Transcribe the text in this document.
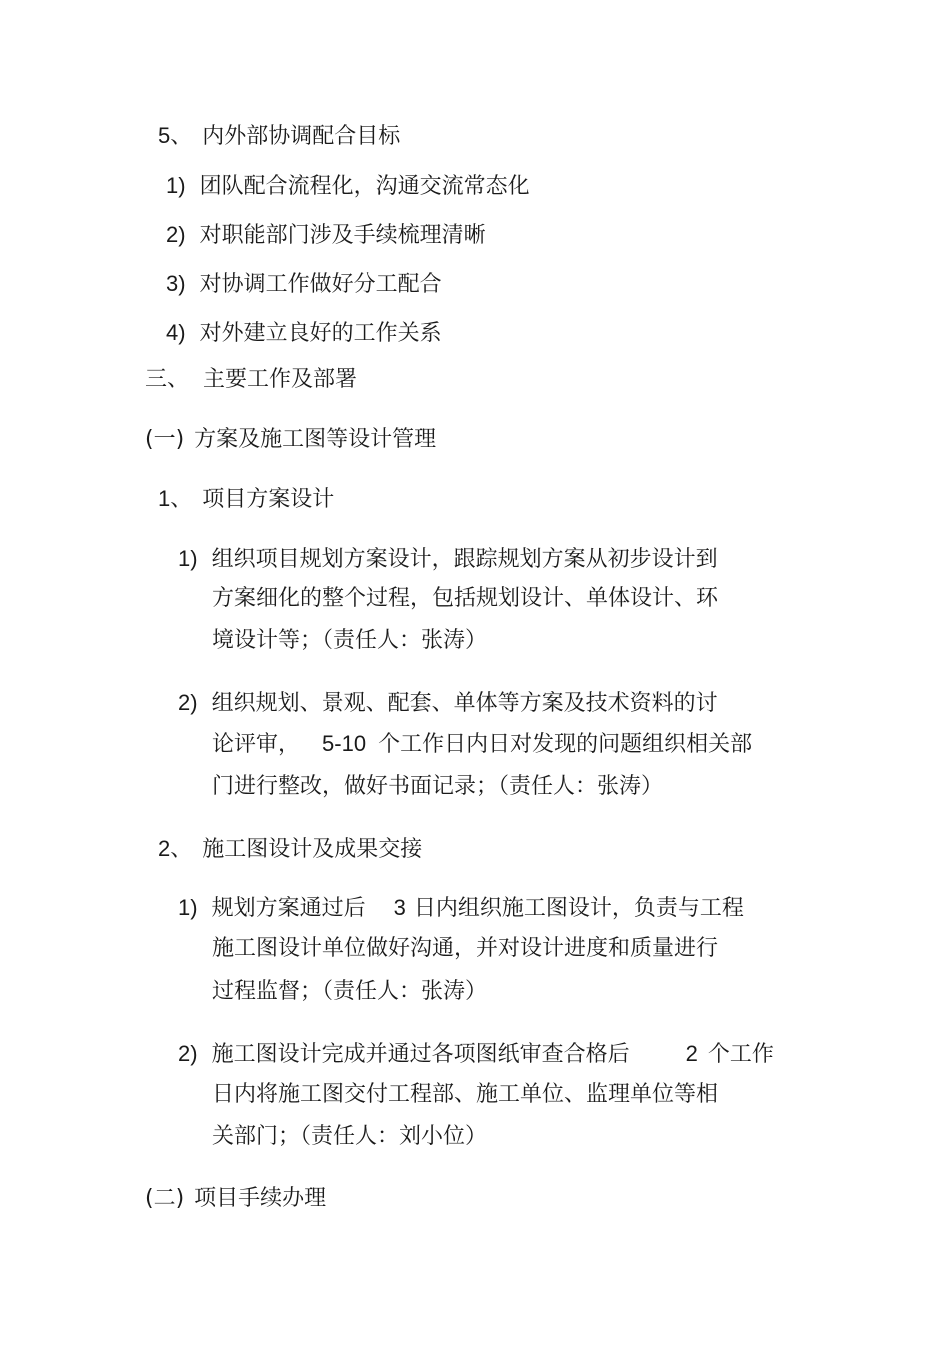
5、 内外部协调配合目标
1) 团队配合流程化，沟通交流常态化
2) 对职能部门涉及手续梳理清晰
3) 对协调工作做好分工配合
4) 对外建立良好的工作关系
三、 主要工作及部署
(一) 方案及施工图等设计管理
1、 项目方案设计
1) 组织项目规划方案设计，跟踪规划方案从初步设计到
方案细化的整个过程，包括规划设计、单体设计、环
境设计等；（责任人：张涛）
2) 组织规划、景观、配套、单体等方案及技术资料的讨
论评审， 5-10 个工作日内日对发现的问题组织相关部
门进行整改，做好书面记录；（责任人：张涛）
2、 施工图设计及成果交接
1) 规划方案通过后 3 日内组织施工图设计，负责与工程
施工图设计单位做好沟通，并对设计进度和质量进行
过程监督；（责任人：张涛）
2) 施工图设计完成并通过各项图纸审查合格后	2 个工作
日内将施工图交付工程部、施工单位、监理单位等相
关部门；（责任人：刘小位）
(二) 项目手续办理
